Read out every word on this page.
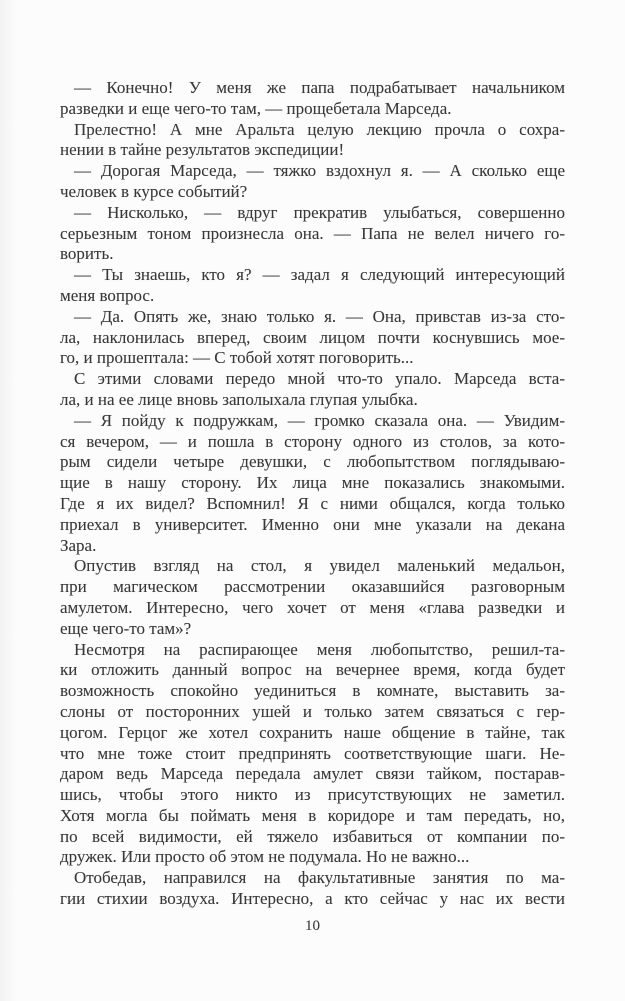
— Конечно! У меня же папа подрабатывает начальником
разведки и еще чего-то там, — прощебетала Марседа.
Прелестно! А мне Аральта целую лекцию прочла о сохра-
нении в тайне результатов экспедиции!
— Дорогая Марседа, — тяжко вздохнул я. — А сколько еще
человек в курсе событий?
— Нисколько, — вдруг прекратив улыбаться, совершенно
серьезным тоном произнесла она. — Папа не велел ничего го-
ворить.
— Ты знаешь, кто я? — задал я следующий интересующий
меня вопрос.
— Да. Опять же, знаю только я. — Она, привстав из-за сто-
ла, наклонилась вперед, своим лицом почти коснувшись мое-
го, и прошептала: — С тобой хотят поговорить...
С этими словами передо мной что-то упало. Марседа вста-
ла, и на ее лице вновь заполыхала глупая улыбка.
— Я пойду к подружкам, — громко сказала она. — Увидим-
ся вечером, — и пошла в сторону одного из столов, за кото-
рым сидели четыре девушки, с любопытством поглядываю-
щие в нашу сторону. Их лица мне показались знакомыми.
Где я их видел? Вспомнил! Я с ними общался, когда только
приехал в университет. Именно они мне указали на декана
Зара.
Опустив взгляд на стол, я увидел маленький медальон,
при магическом рассмотрении оказавшийся разговорным
амулетом. Интересно, чего хочет от меня «глава разведки и
еще чего-то там»?
Несмотря на распирающее меня любопытство, решил-та-
ки отложить данный вопрос на вечернее время, когда будет
возможность спокойно уединиться в комнате, выставить за-
слоны от посторонних ушей и только затем связаться с гер-
цогом. Герцог же хотел сохранить наше общение в тайне, так
что мне тоже стоит предпринять соответствующие шаги. Не-
даром ведь Марседа передала амулет связи тайком, постарав-
шись, чтобы этого никто из присутствующих не заметил.
Хотя могла бы поймать меня в коридоре и там передать, но,
по всей видимости, ей тяжело избавиться от компании по-
дружек. Или просто об этом не подумала. Но не важно...
Отобедав, направился на факультативные занятия по ма-
гии стихии воздуха. Интересно, а кто сейчас у нас их вести
10
